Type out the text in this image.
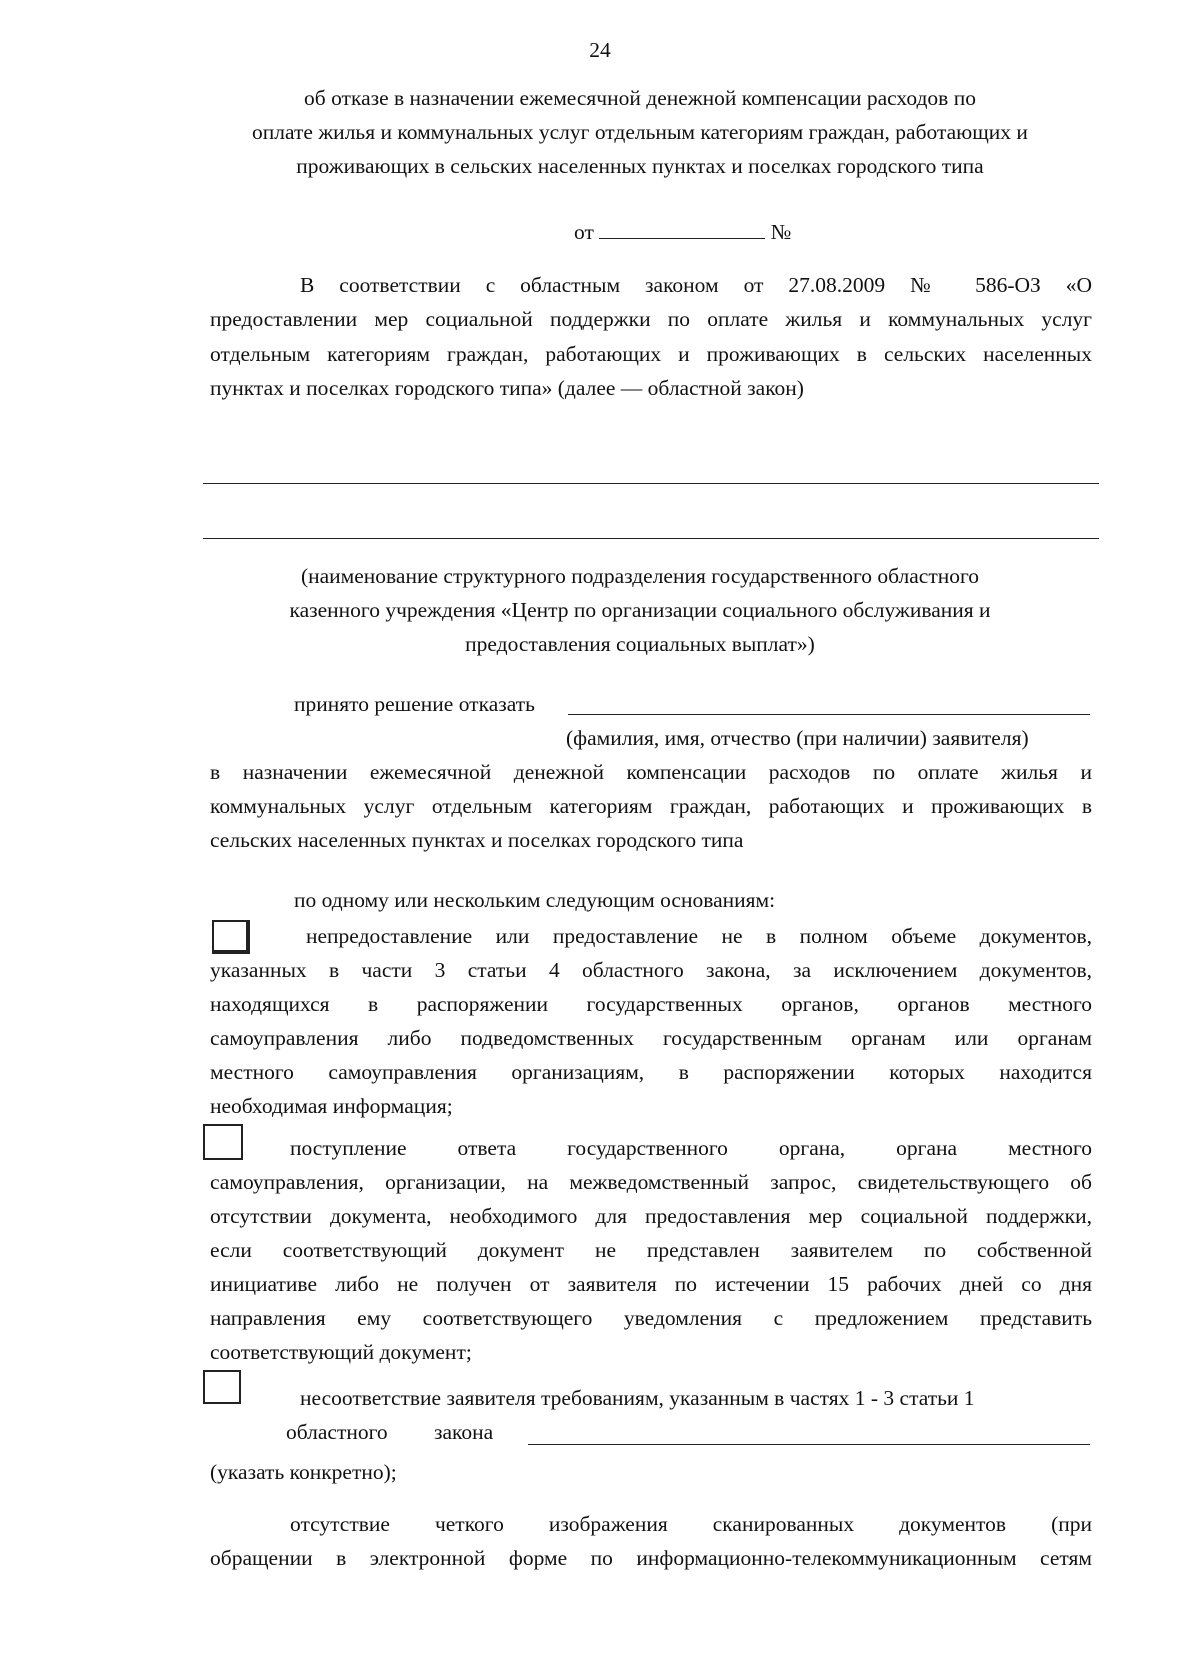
24
об отказе в назначении ежемесячной денежной компенсации расходов по
оплате жилья и коммунальных услуг отдельным категориям граждан, работающих и
проживающих в сельских населенных пунктах и поселках городского типа
от	№
В соответствии с областным законом от 27.08.2009 № 586-ОЗ «О
предоставлении мер социальной поддержки по оплате жилья и коммунальных услуг
отдельным категориям граждан, работающих и проживающих в сельских населенных
пунктах и поселках городского типа» (далее — областной закон)
(наименование структурного подразделения государственного областного
казенного учреждения «Центр по организации социального обслуживания и
предоставления социальных выплат»)
принято решение отказать
(фамилия, имя, отчество (при наличии) заявителя)
в назначении ежемесячной денежной компенсации расходов по оплате жилья и
коммунальных услуг отдельным категориям граждан, работающих и проживающих в
сельских населенных пунктах и поселках городского типа
по одному или нескольким следующим основаниям:
непредоставление или предоставление не в полном объеме документов,
указанных в части 3 статьи 4 областного закона, за исключением документов,
находящихся в распоряжении государственных органов, органов местного
самоуправления либо подведомственных государственным органам или органам
местного самоуправления организациям, в распоряжении которых находится
необходимая информация;
поступление ответа государственного органа, органа местного
самоуправления, организации, на межведомственный запрос, свидетельствующего об
отсутствии документа, необходимого для предоставления мер социальной поддержки,
если соответствующий документ не представлен заявителем по собственной
инициативе либо не получен от заявителя по истечении 15 рабочих дней со дня
направления ему соответствующего уведомления с предложением представить
соответствующий документ;
несоответствие заявителя требованиям, указанным в частях 1 - 3 статьи 1
областного закона
(указать конкретно);
отсутствие четкого изображения сканированных документов (при
обращении в электронной форме по информационно-телекоммуникационным сетям
